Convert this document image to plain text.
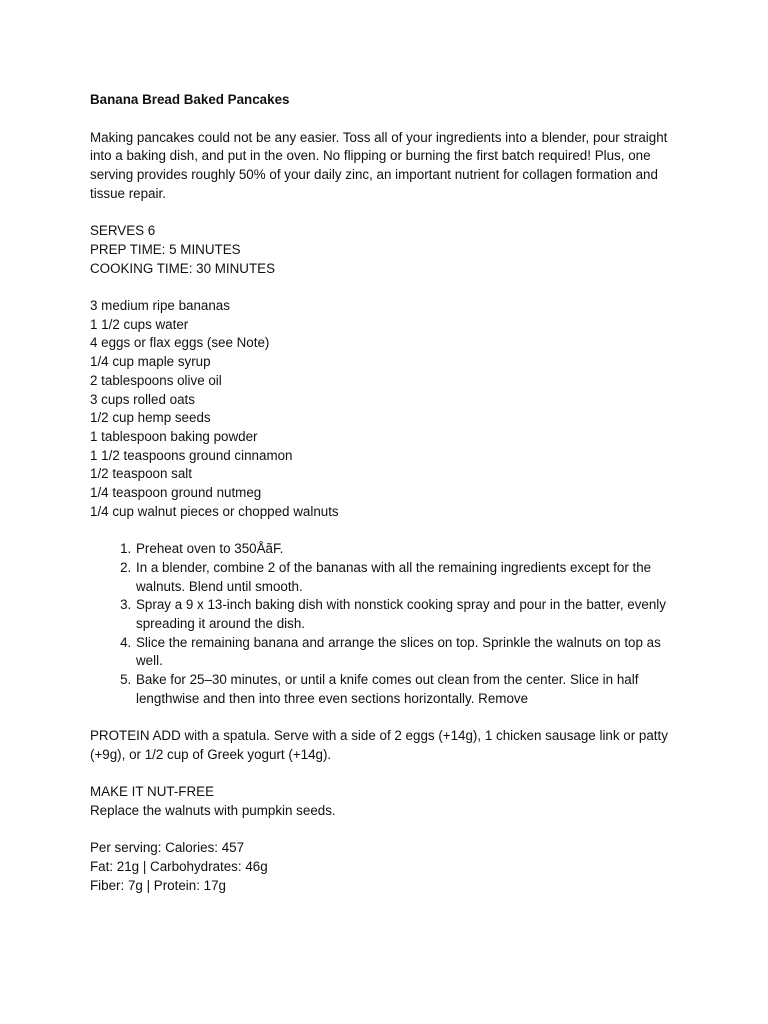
Banana Bread Baked Pancakes

Making pancakes could not be any easier. Toss all of your ingredients into a blender, pour straight into a baking dish, and put in the oven. No flipping or burning the first batch required! Plus, one serving provides roughly 50% of your daily zinc, an important nutrient for collagen formation and tissue repair.

SERVES 6
PREP TIME: 5 MINUTES
COOKING TIME: 30 MINUTES
3 medium ripe bananas
1 1/2 cups water
4 eggs or flax eggs (see Note)
1/4 cup maple syrup
2 tablespoons olive oil
3 cups rolled oats
1/2 cup hemp seeds
1 tablespoon baking powder
1 1/2 teaspoons ground cinnamon
1/2 teaspoon salt
1/4 teaspoon ground nutmeg
1/4 cup walnut pieces or chopped walnuts
1. Preheat oven to 350ÅãF.
2. In a blender, combine 2 of the bananas with all the remaining ingredients except for the walnuts. Blend until smooth.
3. Spray a 9 x 13-inch baking dish with nonstick cooking spray and pour in the batter, evenly spreading it around the dish.
4. Slice the remaining banana and arrange the slices on top. Sprinkle the walnuts on top as well.
5. Bake for 25–30 minutes, or until a knife comes out clean from the center. Slice in half lengthwise and then into three even sections horizontally. Remove

PROTEIN ADD with a spatula. Serve with a side of 2 eggs (+14g), 1 chicken sausage link or patty (+9g), or 1/2 cup of Greek yogurt (+14g).

MAKE IT NUT-FREE
Replace the walnuts with pumpkin seeds.
Per serving: Calories: 457
Fat: 21g | Carbohydrates: 46g
Fiber: 7g | Protein: 17g
